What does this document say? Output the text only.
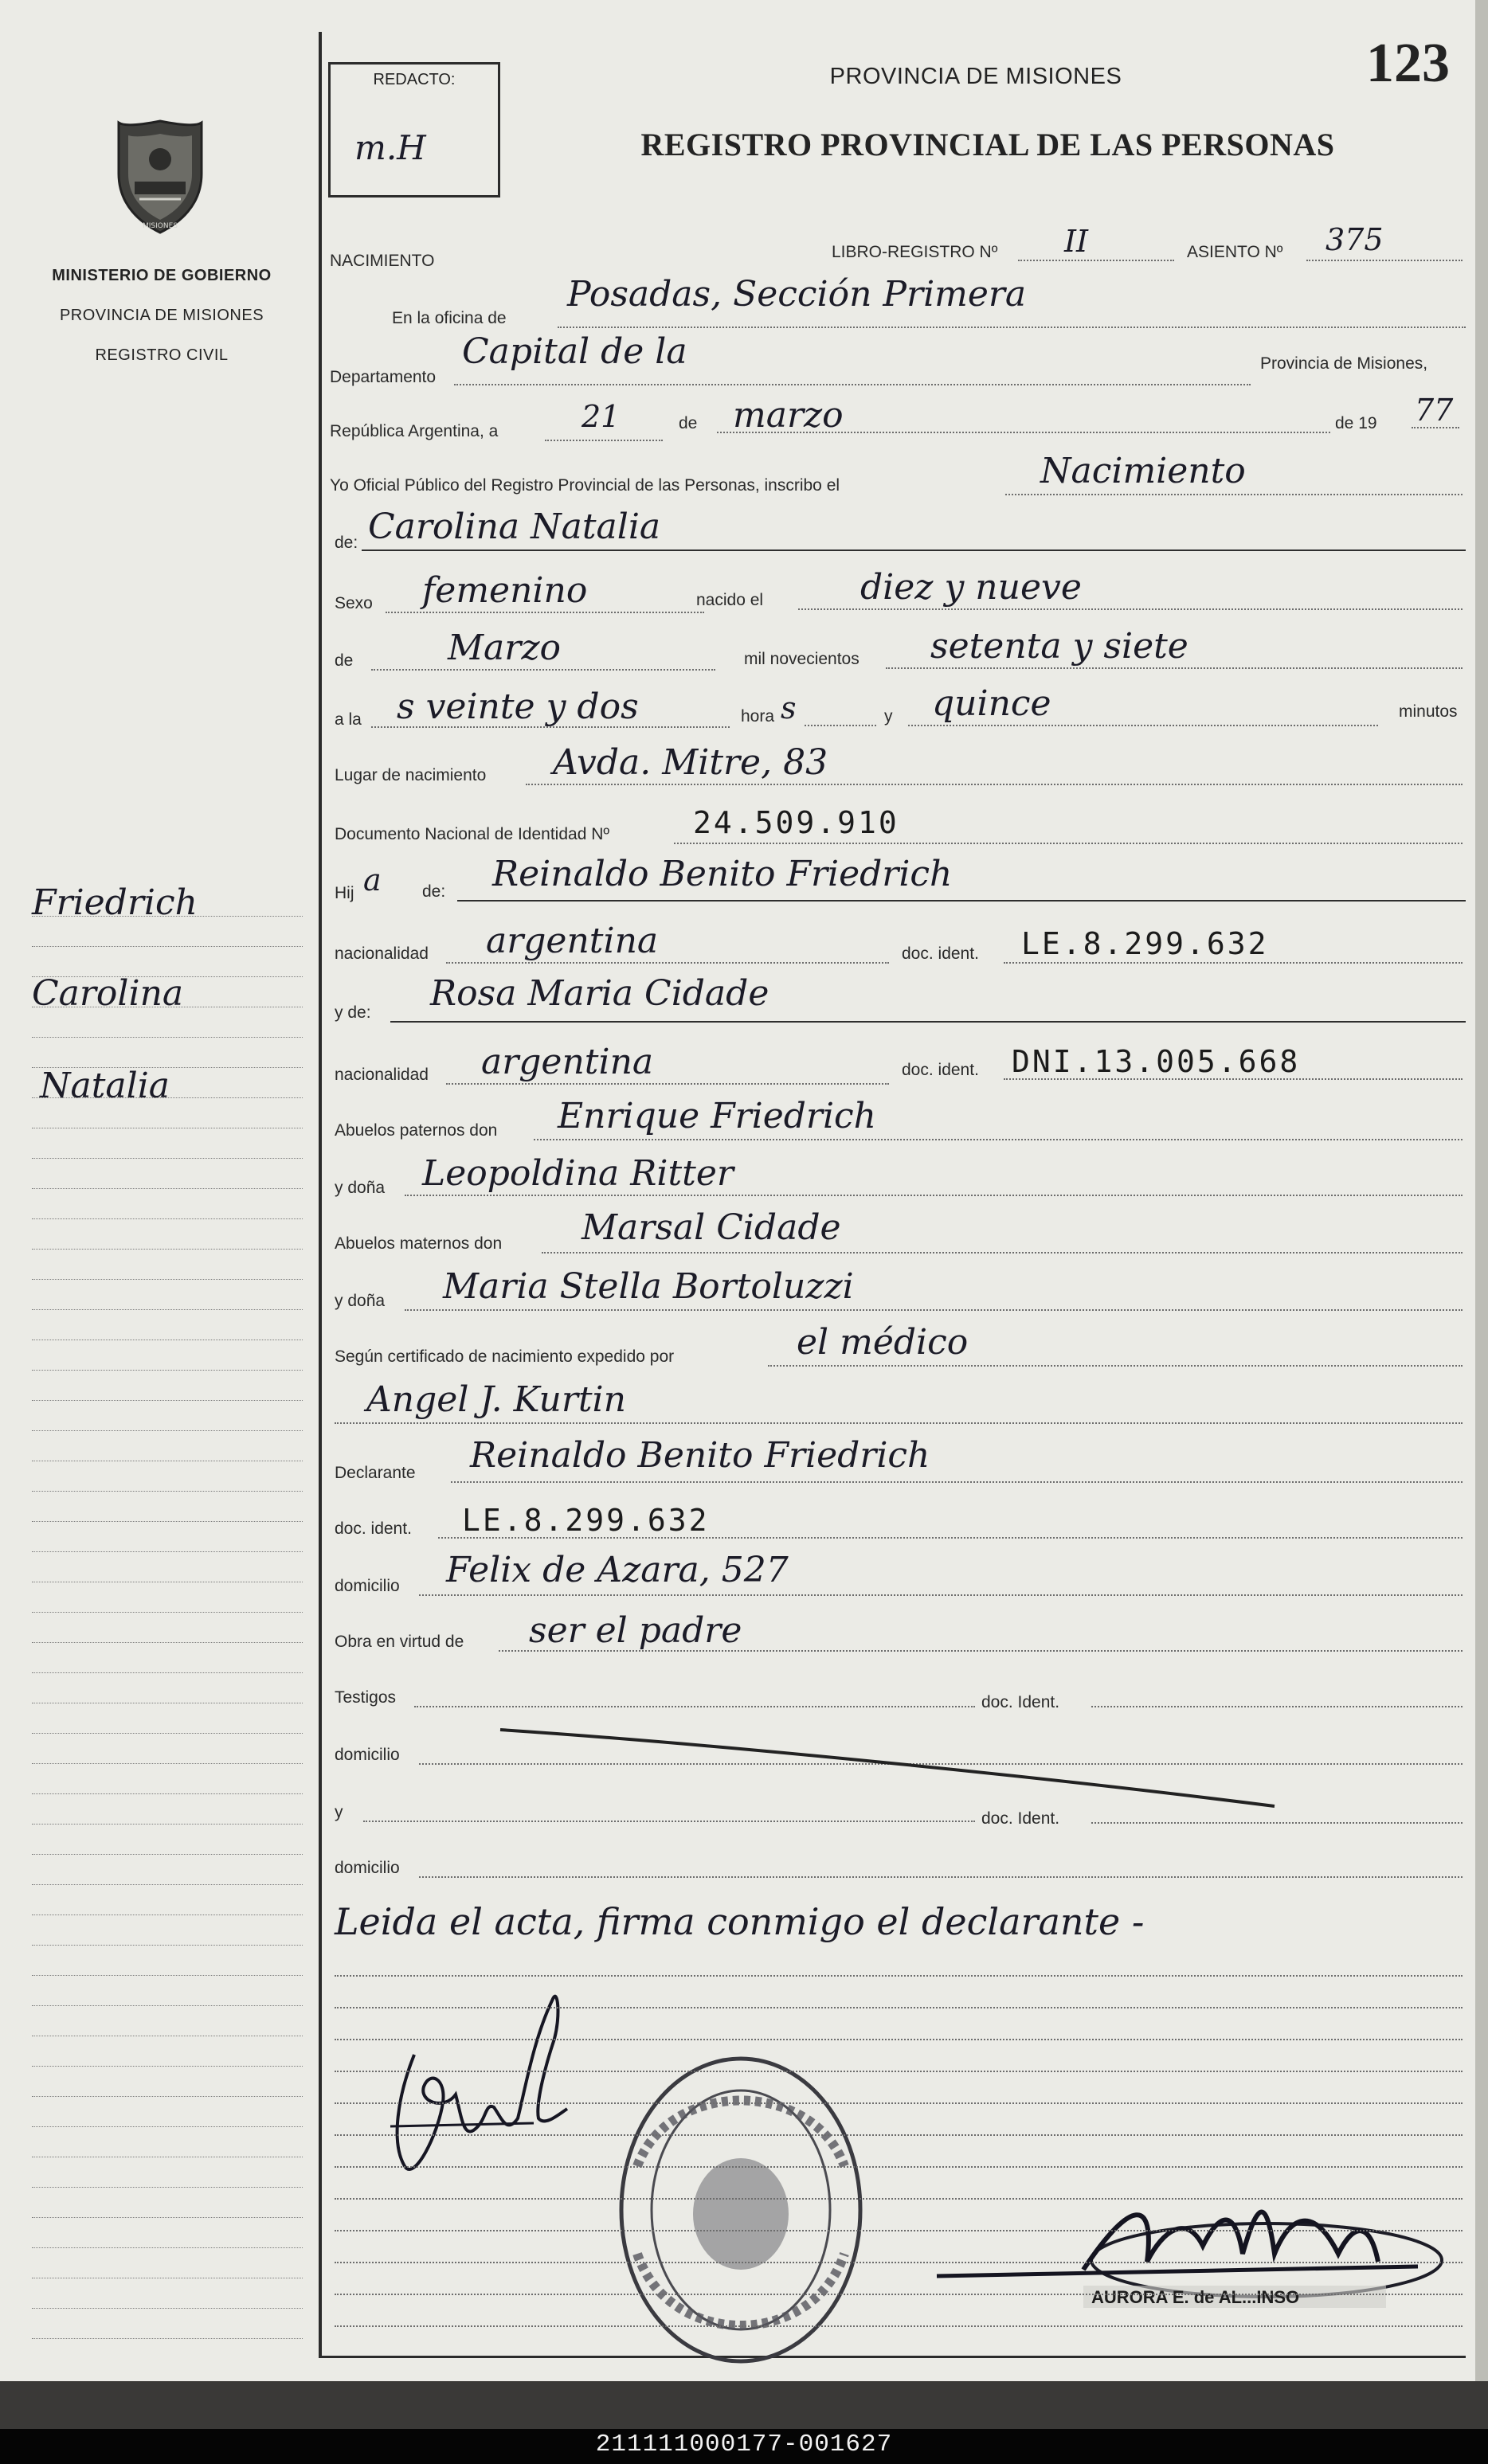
MISIONES
MINISTERIO DE GOBIERNO
PROVINCIA DE MISIONES
REGISTRO CIVIL
Friedrich
Carolina
Natalia
REDACTO:
m.H
PROVINCIA DE MISIONES
REGISTRO PROVINCIAL DE LAS PERSONAS
123
NACIMIENTO	LIBRO-REGISTRO Nº II	ASIENTO Nº 375
En la oficina de
Posadas, Sección Primera
Departamento
Capital de la	Provincia de Misiones,
República Argentina, a	21	de marzo	de 19 77
Yo Oficial Público del Registro Provincial de las Personas, inscribo el	Nacimiento
de: Carolina Natalia
Sexo femenino	nacido el	diez y nueve
de	Marzo	mil novecientos setenta y siete
a la s veinte y dos	hora s	y quince	minutos
Lugar de nacimiento Avda. Mitre, 83
Documento Nacional de Identidad Nº	24.509.910
Hij a de: Reinaldo Benito Friedrich
nacionalidad argentina	doc. ident. LE.8.299.632
y de: Rosa Maria Cidade
nacionalidad argentina	doc. ident. DNI.13.005.668
Abuelos paternos don Enrique Friedrich
y doña Leopoldina Ritter
Abuelos maternos don Marsal Cidade
y doña Maria Stella Bortoluzzi
Según certificado de nacimiento expedido por	el médico
Angel J. Kurtin
Declarante Reinaldo Benito Friedrich
doc. ident. LE.8.299.632
domicilio Felix de Azara, 527
Obra en virtud de ser el padre
Testigos	doc. Ident.
domicilio
y	doc. Ident.
domicilio
Leida el acta, firma conmigo el declarante -
AURORA E. de AL...INSO
211111000177-001627
